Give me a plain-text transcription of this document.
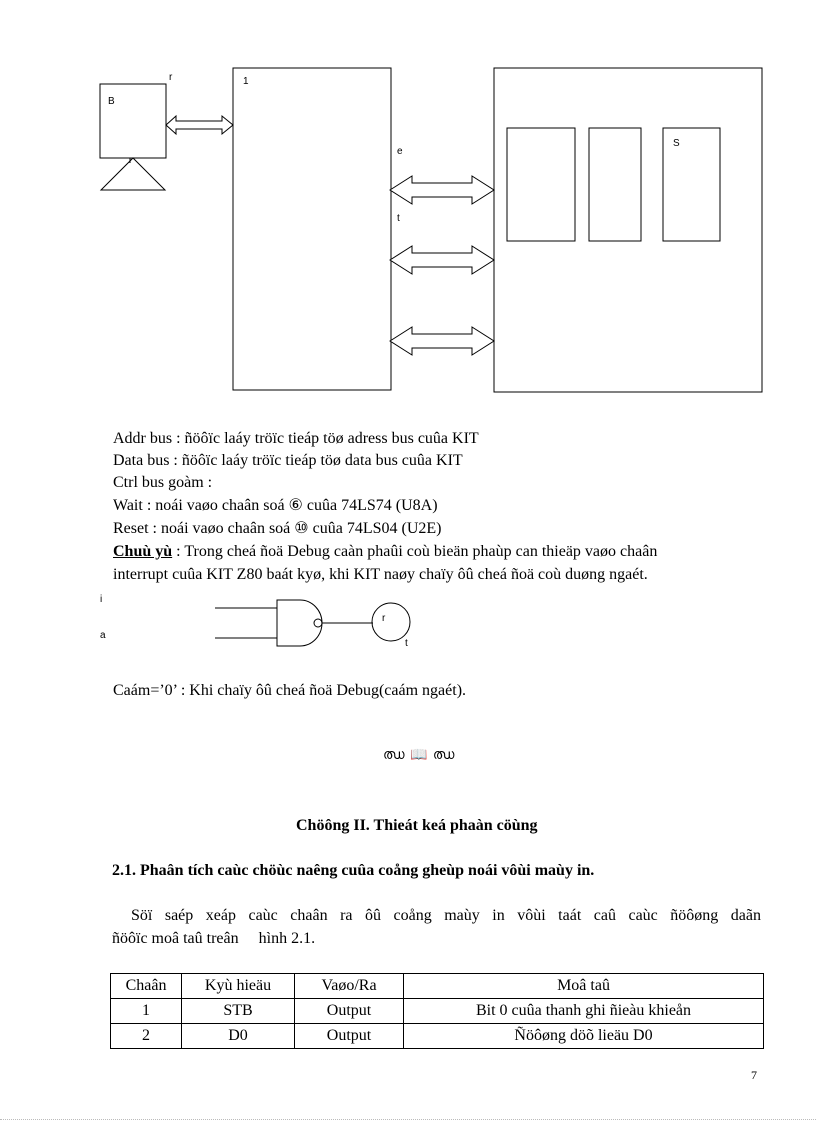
B
r	1
e
t
S
Addr bus : ñöôïc laáy tröïc tieáp töø adress bus cuûa KIT
Data bus : ñöôïc laáy tröïc tieáp töø data bus cuûa KIT
Ctrl bus goàm :
Wait : noái vaøo chaân soá ⑥ cuûa 74LS74 (U8A)
Reset : noái vaøo chaân soá ⑩ cuûa 74LS04 (U2E)
Chuù yù : Trong cheá ñoä Debug caàn phaûi coù bieän phaùp can thieäp vaøo chaân
interrupt cuûa KIT Z80 baát kyø, khi KIT naøy chaïy ôû cheá ñoä coù duøng ngaét.
i
a
r
t
Caám=’0’ : Khi chaïy ôû cheá ñoä Debug(caám ngaét).
ഝ 📖 ഝ
Chöông II. Thieát keá phaàn cöùng
2.1. Phaân tích caùc chöùc naêng cuûa coång gheùp noái vôùi maùy in.
Söï saép xeáp caùc chaân ra ôû coång maùy in vôùi taát caû caùc ñöôøng daãn
ñöôïc moâ taû treân     hình 2.1.
Chaân	Kyù hieäu	Vaøo/Ra	Moâ taû
1	STB	Output	Bit 0 cuûa thanh ghi ñieàu khieån
2	D0	Output	Ñöôøng döõ lieäu D0
7
